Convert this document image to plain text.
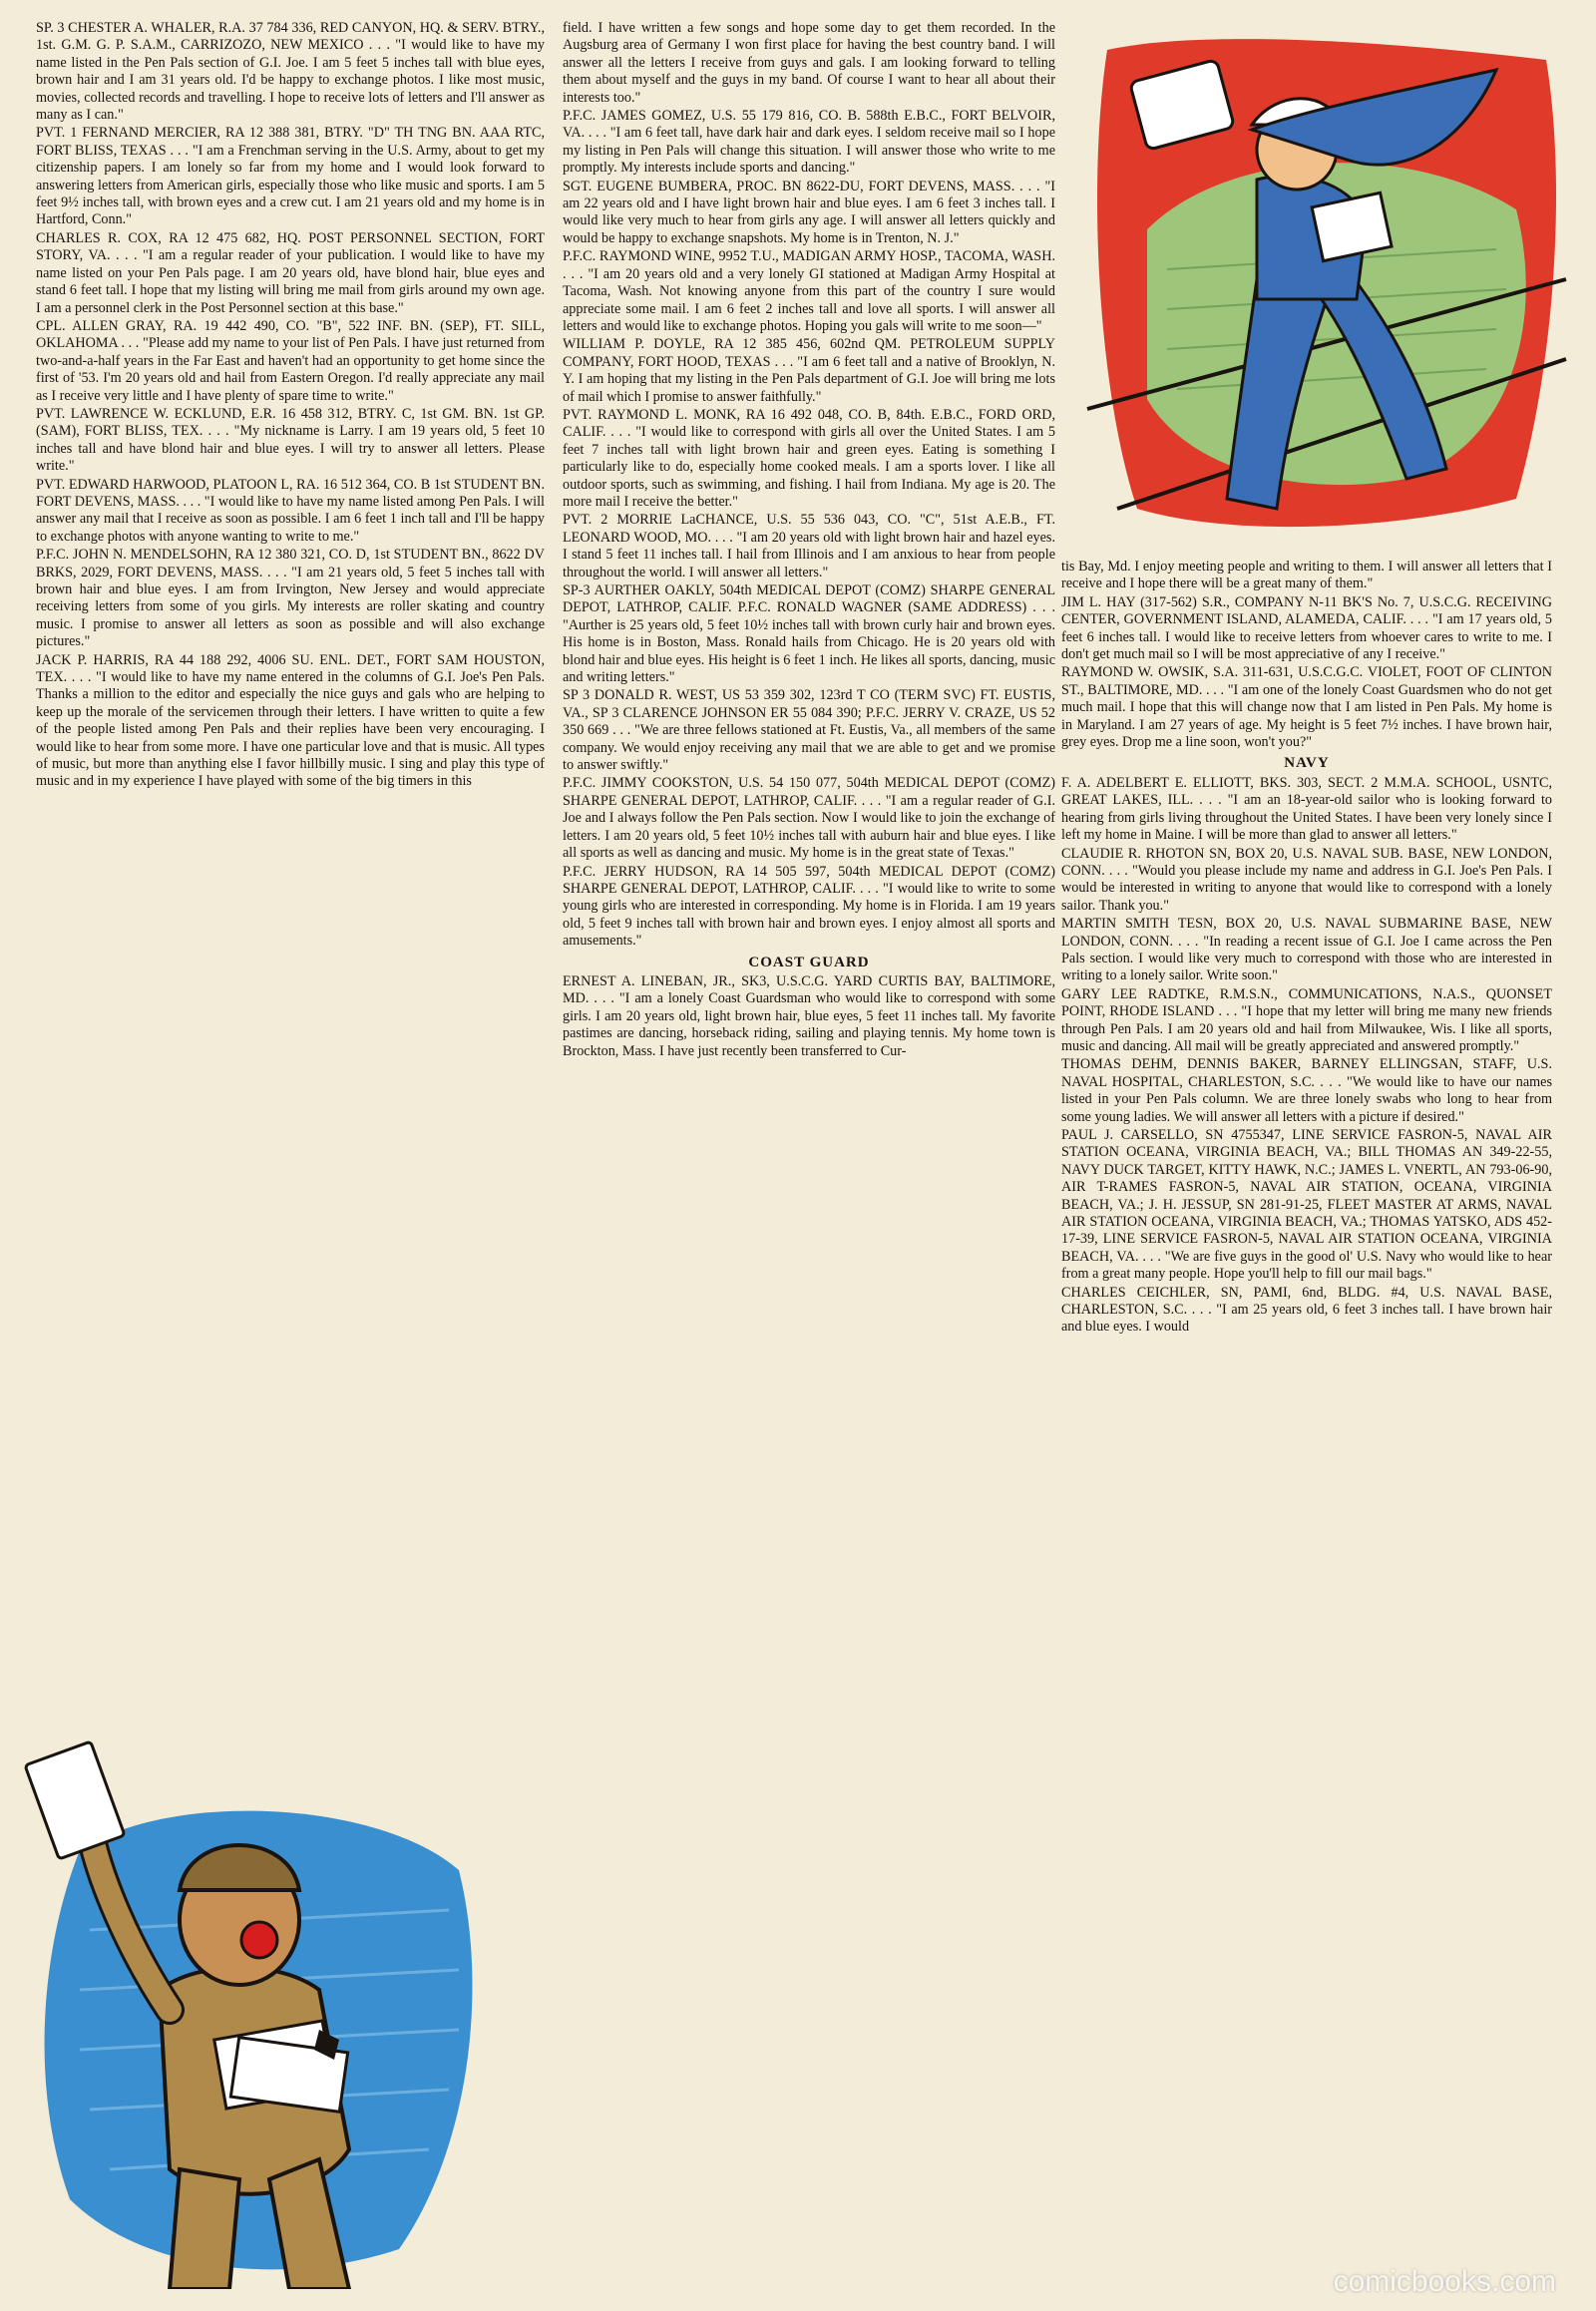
SP. 3 CHESTER A. WHALER, R.A. 37 784 336, RED CANYON, HQ. & SERV. BTRY., 1st. G.M. G. P. S.A.M., CARRIZOZO, NEW MEXICO . . . "I would like to have my name listed in the Pen Pals section of G.I. Joe. I am 5 feet 5 inches tall with blue eyes, brown hair and I am 31 years old. I'd be happy to exchange photos. I like most music, movies, collected records and travelling. I hope to receive lots of letters and I'll answer as many as I can."

PVT. 1 FERNAND MERCIER, RA 12 388 381, BTRY. "D" TH TNG BN. AAA RTC, FORT BLISS, TEXAS . . . "I am a Frenchman serving in the U.S. Army, about to get my citizenship papers. I am lonely so far from my home and I would look forward to answering letters from American girls, especially those who like music and sports. I am 5 feet 9½ inches tall, with brown eyes and a crew cut. I am 21 years old and my home is in Hartford, Conn."

CHARLES R. COX, RA 12 475 682, HQ. POST PERSONNEL SECTION, FORT STORY, VA. . . . "I am a regular reader of your publication. I would like to have my name listed on your Pen Pals page. I am 20 years old, have blond hair, blue eyes and stand 6 feet tall. I hope that my listing will bring me mail from girls around my own age. I am a personnel clerk in the Post Personnel section at this base."

CPL. ALLEN GRAY, RA. 19 442 490, CO. "B", 522 INF. BN. (SEP), FT. SILL, OKLAHOMA . . . "Please add my name to your list of Pen Pals. I have just returned from two-and-a-half years in the Far East and haven't had an opportunity to get home since the first of '53. I'm 20 years old and hail from Eastern Oregon. I'd really appreciate any mail as I receive very little and I have plenty of spare time to write."

PVT. LAWRENCE W. ECKLUND, E.R. 16 458 312, BTRY. C, 1st GM. BN. 1st GP. (SAM), FORT BLISS, TEX. . . . "My nickname is Larry. I am 19 years old, 5 feet 10 inches tall and have blond hair and blue eyes. I will try to answer all letters. Please write."

PVT. EDWARD HARWOOD, PLATOON L, RA. 16 512 364, CO. B 1st STUDENT BN. FORT DEVENS, MASS. . . . "I would like to have my name listed among Pen Pals. I will answer any mail that I receive as soon as possible. I am 6 feet 1 inch tall and I'll be happy to exchange photos with anyone wanting to write to me."

P.F.C. JOHN N. MENDELSOHN, RA 12 380 321, CO. D, 1st STUDENT BN., 8622 DV BRKS, 2029, FORT DEVENS, MASS. . . . "I am 21 years old, 5 feet 5 inches tall with brown hair and blue eyes. I am from Irvington, New Jersey and would appreciate receiving letters from some of you girls. My interests are roller skating and country music. I promise to answer all letters as soon as possible and will also exchange pictures."

JACK P. HARRIS, RA 44 188 292, 4006 SU. ENL. DET., FORT SAM HOUSTON, TEX. . . . "I would like to have my name entered in the columns of G.I. Joe's Pen Pals. Thanks a million to the editor and especially the nice guys and gals who are helping to keep up the morale of the servicemen through their letters. I have written to quite a few of the people listed among Pen Pals and their replies have been very encouraging. I would like to hear from some more. I have one particular love and that is music. All types of music, but more than anything else I favor hillbilly music. I sing and play this type of music and in my experience I have played with some of the big timers in this

field. I have written a few songs and hope some day to get them recorded. In the Augsburg area of Germany I won first place for having the best country band. I will answer all the letters I receive from guys and gals. I am looking forward to telling them about myself and the guys in my band. Of course I want to hear all about their interests too."

P.F.C. JAMES GOMEZ, U.S. 55 179 816, CO. B. 588th E.B.C., FORT BELVOIR, VA. . . . "I am 6 feet tall, have dark hair and dark eyes. I seldom receive mail so I hope my listing in Pen Pals will change this situation. I will answer those who write to me promptly. My interests include sports and dancing."

SGT. EUGENE BUMBERA, PROC. BN 8622-DU, FORT DEVENS, MASS. . . . "I am 22 years old and I have light brown hair and blue eyes. I am 6 feet 3 inches tall. I would like very much to hear from girls any age. I will answer all letters quickly and would be happy to exchange snapshots. My home is in Trenton, N. J."

P.F.C. RAYMOND WINE, 9952 T.U., MADIGAN ARMY HOSP., TACOMA, WASH. . . . "I am 20 years old and a very lonely GI stationed at Madigan Army Hospital at Tacoma, Wash. Not knowing anyone from this part of the country I sure would appreciate some mail. I am 6 feet 2 inches tall and love all sports. I will answer all letters and would like to exchange photos. Hoping you gals will write to me soon—"

WILLIAM P. DOYLE, RA 12 385 456, 602nd QM. PETROLEUM SUPPLY COMPANY, FORT HOOD, TEXAS . . . "I am 6 feet tall and a native of Brooklyn, N. Y. I am hoping that my listing in the Pen Pals department of G.I. Joe will bring me lots of mail which I promise to answer faithfully."

PVT. RAYMOND L. MONK, RA 16 492 048, CO. B, 84th. E.B.C., FORD ORD, CALIF. . . . "I would like to correspond with girls all over the United States. I am 5 feet 7 inches tall with light brown hair and green eyes. Eating is something I particularly like to do, especially home cooked meals. I am a sports lover. I like all outdoor sports, such as swimming, and fishing. I hail from Indiana. My age is 20. The more mail I receive the better."

PVT. 2 MORRIE LaCHANCE, U.S. 55 536 043, CO. "C", 51st A.E.B., FT. LEONARD WOOD, MO. . . . "I am 20 years old with light brown hair and hazel eyes. I stand 5 feet 11 inches tall. I hail from Illinois and I am anxious to hear from people throughout the world. I will answer all letters."

SP-3 AURTHER OAKLY, 504th MEDICAL DEPOT (COMZ) SHARPE GENERAL DEPOT, LATHROP, CALIF. P.F.C. RONALD WAGNER (SAME ADDRESS) . . . "Aurther is 25 years old, 5 feet 10½ inches tall with brown curly hair and brown eyes. His home is in Boston, Mass. Ronald hails from Chicago. He is 20 years old with blond hair and blue eyes. His height is 6 feet 1 inch. He likes all sports, dancing, music and writing letters."

SP 3 DONALD R. WEST, US 53 359 302, 123rd T CO (TERM SVC) FT. EUSTIS, VA., SP 3 CLARENCE JOHNSON ER 55 084 390; P.F.C. JERRY V. CRAZE, US 52 350 669 . . . "We are three fellows stationed at Ft. Eustis, Va., all members of the same company. We would enjoy receiving any mail that we are able to get and we promise to answer swiftly."

P.F.C. JIMMY COOKSTON, U.S. 54 150 077, 504th MEDICAL DEPOT (COMZ) SHARPE GENERAL DEPOT, LATHROP, CALIF. . . . "I am a regular reader of G.I. Joe and I always follow the Pen Pals section. Now I would like to join the exchange of letters. I am 20 years old, 5 feet 10½ inches tall with auburn hair and blue eyes. I like all sports as well as dancing and music. My home is in the great state of Texas."

P.F.C. JERRY HUDSON, RA 14 505 597, 504th MEDICAL DEPOT (COMZ) SHARPE GENERAL DEPOT, LATHROP, CALIF. . . . "I would like to write to some young girls who are interested in corresponding. My home is in Florida. I am 19 years old, 5 feet 9 inches tall with brown hair and brown eyes. I enjoy almost all sports and amusements."

COAST GUARD

ERNEST A. LINEBAN, JR., SK3, U.S.C.G. YARD CURTIS BAY, BALTIMORE, MD. . . . "I am a lonely Coast Guardsman who would like to correspond with some girls. I am 20 years old, light brown hair, blue eyes, 5 feet 11 inches tall. My favorite pastimes are dancing, horseback riding, sailing and playing tennis. My home town is Brockton, Mass. I have just recently been transferred to Cur-

tis Bay, Md. I enjoy meeting people and writing to them. I will answer all letters that I receive and I hope there will be a great many of them."

JIM L. HAY (317-562) S.R., COMPANY N-11 BK'S No. 7, U.S.C.G. RECEIVING CENTER, GOVERNMENT ISLAND, ALAMEDA, CALIF. . . . "I am 17 years old, 5 feet 6 inches tall. I would like to receive letters from whoever cares to write to me. I don't get much mail so I will be most appreciative of any I receive."

RAYMOND W. OWSIK, S.A. 311-631, U.S.C.G.C. VIOLET, FOOT OF CLINTON ST., BALTIMORE, MD. . . . "I am one of the lonely Coast Guardsmen who do not get much mail. I hope that this will change now that I am listed in Pen Pals. My home is in Maryland. I am 27 years of age. My height is 5 feet 7½ inches. I have brown hair, grey eyes. Drop me a line soon, won't you?"

NAVY

F. A. ADELBERT E. ELLIOTT, BKS. 303, SECT. 2 M.M.A. SCHOOL, USNTC, GREAT LAKES, ILL. . . . "I am an 18-year-old sailor who is looking forward to hearing from girls living throughout the United States. I have been very lonely since I left my home in Maine. I will be more than glad to answer all letters."

CLAUDIE R. RHOTON SN, BOX 20, U.S. NAVAL SUB. BASE, NEW LONDON, CONN. . . . "Would you please include my name and address in G.I. Joe's Pen Pals. I would be interested in writing to anyone that would like to correspond with a lonely sailor. Thank you."

MARTIN SMITH TESN, BOX 20, U.S. NAVAL SUBMARINE BASE, NEW LONDON, CONN. . . . "In reading a recent issue of G.I. Joe I came across the Pen Pals section. I would like very much to correspond with those who are interested in writing to a lonely sailor. Write soon."

GARY LEE RADTKE, R.M.S.N., COMMUNICATIONS, N.A.S., QUONSET POINT, RHODE ISLAND . . . "I hope that my letter will bring me many new friends through Pen Pals. I am 20 years old and hail from Milwaukee, Wis. I like all sports, music and dancing. All mail will be greatly appreciated and answered promptly."

THOMAS DEHM, DENNIS BAKER, BARNEY ELLINGSAN, STAFF, U.S. NAVAL HOSPITAL, CHARLESTON, S.C. . . . "We would like to have our names listed in your Pen Pals column. We are three lonely swabs who long to hear from some young ladies. We will answer all letters with a picture if desired."

PAUL J. CARSELLO, SN 4755347, LINE SERVICE FASRON-5, NAVAL AIR STATION OCEANA, VIRGINIA BEACH, VA.; BILL THOMAS AN 349-22-55, NAVY DUCK TARGET, KITTY HAWK, N.C.; JAMES L. VNERTL, AN 793-06-90, AIR T-RAMES FASRON-5, NAVAL AIR STATION, OCEANA, VIRGINIA BEACH, VA.; J. H. JESSUP, SN 281-91-25, FLEET MASTER AT ARMS, NAVAL AIR STATION OCEANA, VIRGINIA BEACH, VA.; THOMAS YATSKO, ADS 452-17-39, LINE SERVICE FASRON-5, NAVAL AIR STATION OCEANA, VIRGINIA BEACH, VA. . . . "We are five guys in the good ol' U.S. Navy who would like to hear from a great many people. Hope you'll help to fill our mail bags."

CHARLES CEICHLER, SN, PAMI, 6nd, BLDG. #4, U.S. NAVAL BASE, CHARLESTON, S.C. . . . "I am 25 years old, 6 feet 3 inches tall. I have brown hair and blue eyes. I would

comicbooks.com
